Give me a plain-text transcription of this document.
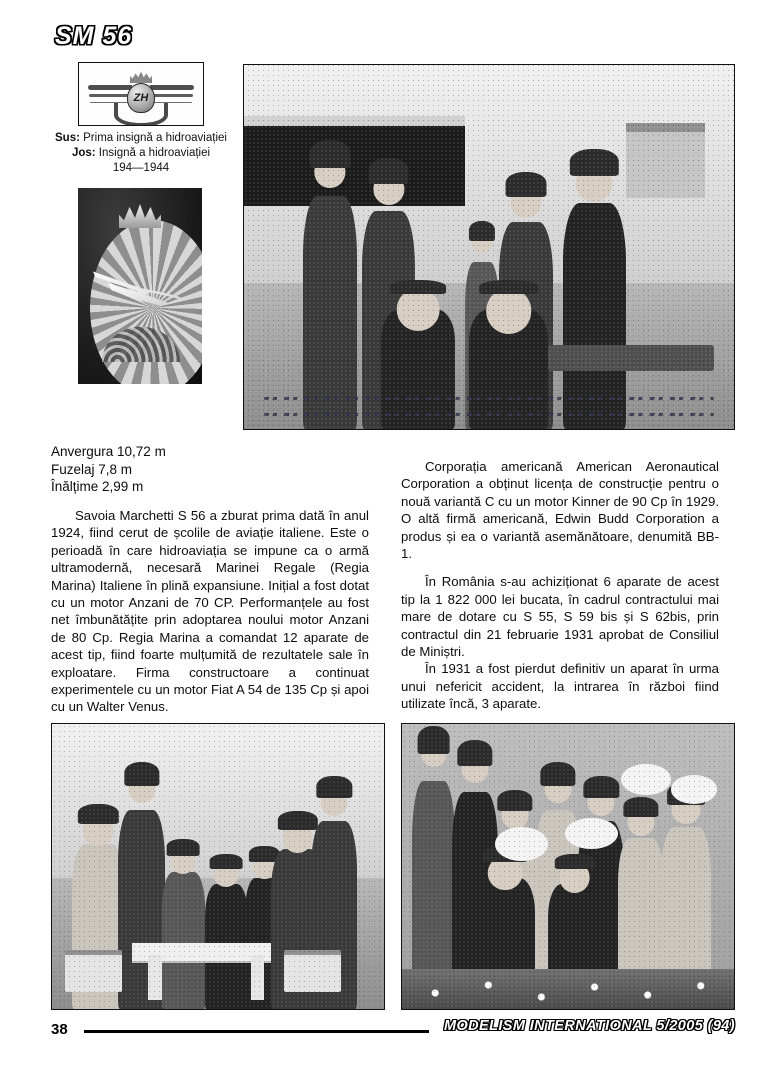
SM 56
ZH
Sus: Prima insignă a hidroaviației
Jos: Insignă a hidroaviației
194—1944
Anvergura 10,72 m
Fuzelaj 7,8 m
Înălțime 2,99 m

Savoia Marchetti S 56 a zburat prima dată în anul 1924, fiind cerut de școlile de aviație italiene. Este o perioadă în care hidroaviația se impune ca o armă ultramodernă, necesară Marinei Regale (Regia Marina) Italiene în plină expansiune. Inițial a fost dotat cu un motor Anzani de 70 CP. Performanțele au fost net îmbunătățite prin adoptarea noului motor Anzani de 80 Cp. Regia Marina a comandat 12 aparate de acest tip, fiind foarte mulțumită de rezultatele sale în exploatare. Firma constructoare a continuat experimentele cu un motor Fiat A 54 de 135 Cp și apoi cu un Walter Venus.

Corporația americană American Aeronautical Corporation a obținut licența de construcție pentru o nouă variantă C cu un motor Kinner de 90 Cp în 1929. O altă firmă americană, Edwin Budd Corporation a produs și ea o variantă asemănătoare, denumită BB-1.

În România s-au achiziționat 6 aparate de acest tip la 1 822 000 lei bucata, în cadrul contractului mai mare de dotare cu S 55, S 59 bis și S 62bis, prin contractul din 21 februarie 1931 aprobat de Consiliul de Miniștri.

În 1931 a fost pierdut definitiv un aparat în urma unui nefericit accident, la intrarea în război fiind utilizate încă, 3 aparate.

38	MODELISM INTERNATIONAL 5/2005 (94)
